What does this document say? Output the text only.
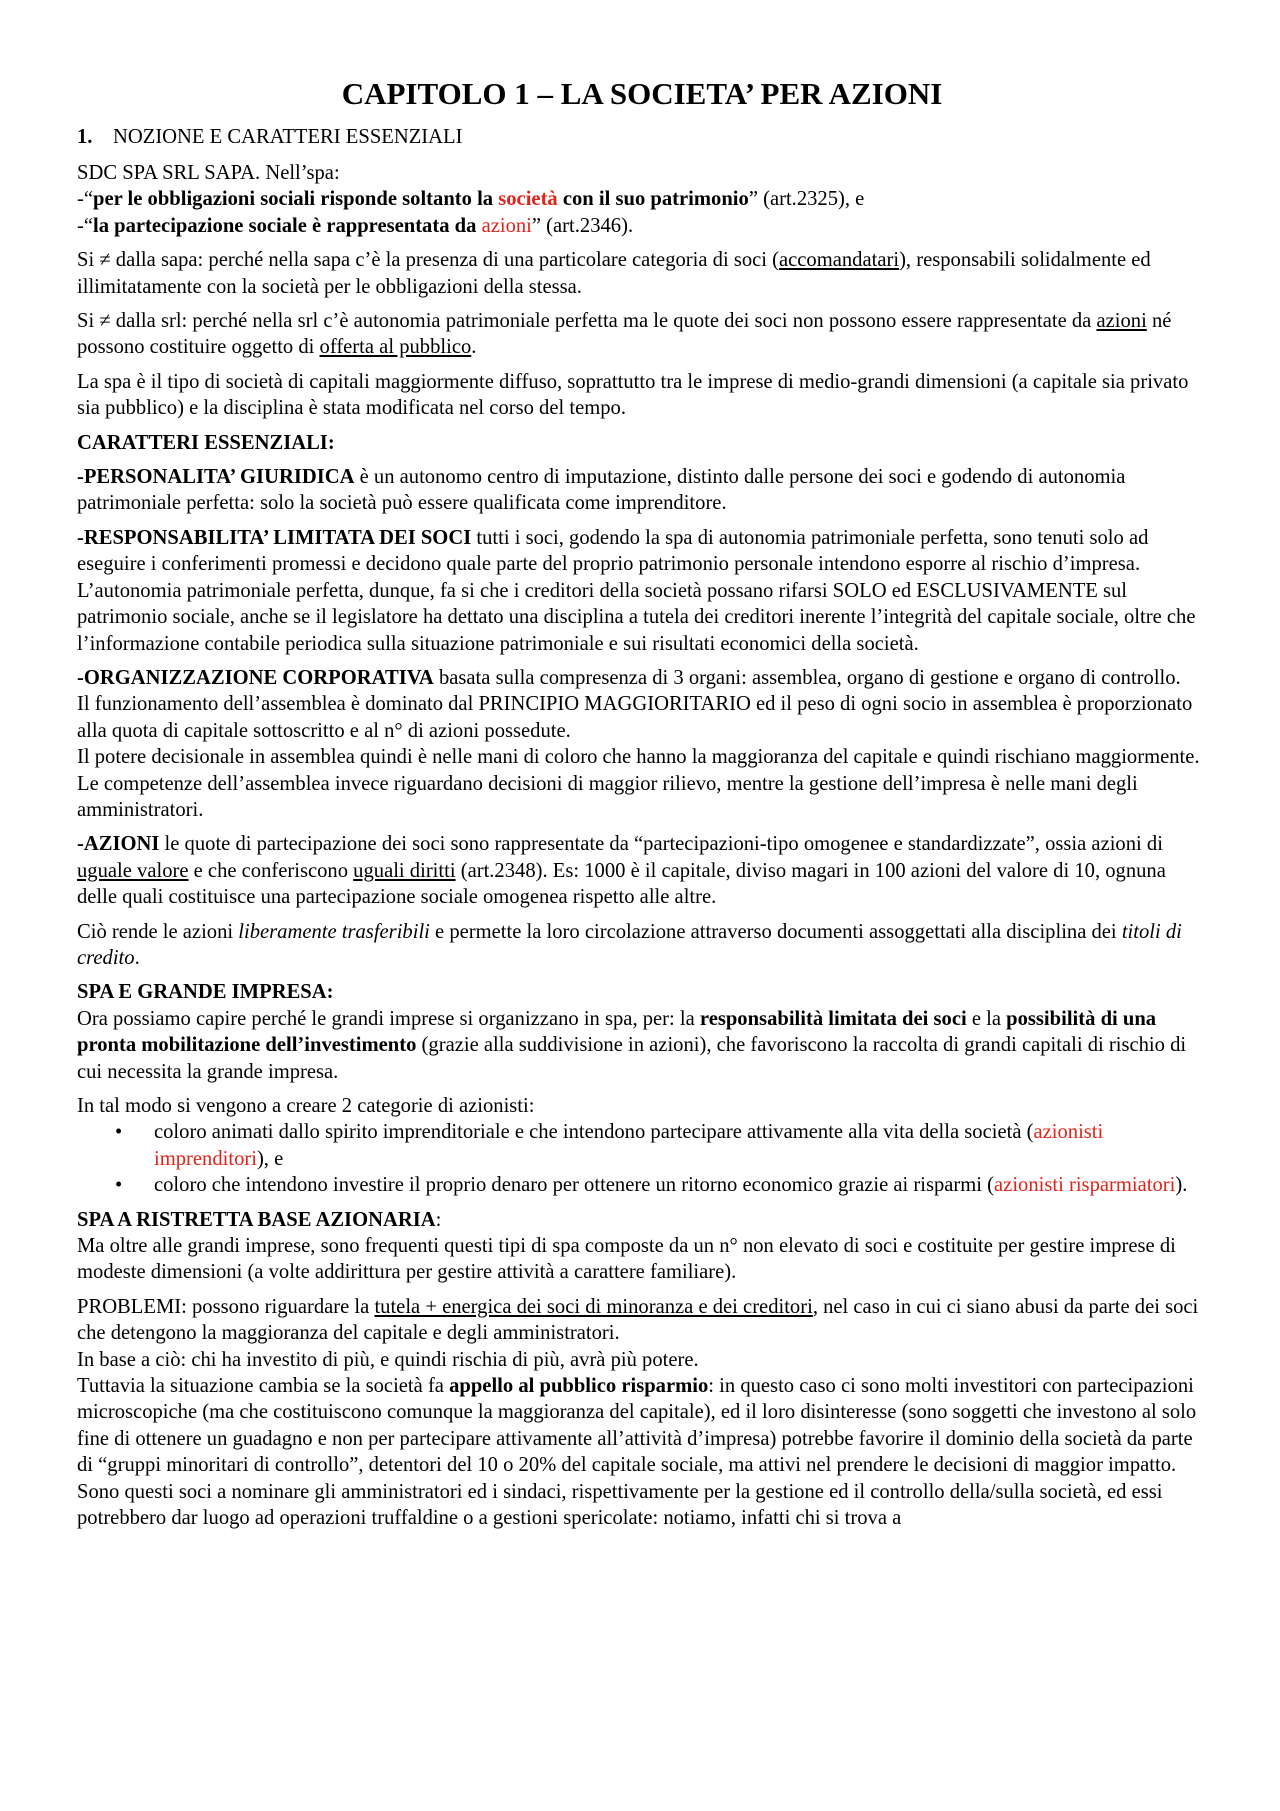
CAPITOLO 1 – LA SOCIETA’ PER AZIONI
1. NOZIONE E CARATTERI ESSENZIALI

SDC SPA SRL SAPA. Nell’spa:
-“per le obbligazioni sociali risponde soltanto la società con il suo patrimonio” (art.2325), e
-“la partecipazione sociale è rappresentata da azioni” (art.2346).

Si ≠ dalla sapa: perché nella sapa c’è la presenza di una particolare categoria di soci (accomandatari), responsabili solidalmente ed illimitatamente con la società per le obbligazioni della stessa.

Si ≠ dalla srl: perché nella srl c’è autonomia patrimoniale perfetta ma le quote dei soci non possono essere rappresentate da azioni né possono costituire oggetto di offerta al pubblico.

La spa è il tipo di società di capitali maggiormente diffuso, soprattutto tra le imprese di medio-grandi dimensioni (a capitale sia privato sia pubblico) e la disciplina è stata modificata nel corso del tempo.

CARATTERI ESSENZIALI:

-PERSONALITA’ GIURIDICA è un autonomo centro di imputazione, distinto dalle persone dei soci e godendo di autonomia patrimoniale perfetta: solo la società può essere qualificata come imprenditore.

-RESPONSABILITA’ LIMITATA DEI SOCI tutti i soci, godendo la spa di autonomia patrimoniale perfetta, sono tenuti solo ad eseguire i conferimenti promessi e decidono quale parte del proprio patrimonio personale intendono esporre al rischio d’impresa.
L’autonomia patrimoniale perfetta, dunque, fa si che i creditori della società possano rifarsi SOLO ed ESCLUSIVAMENTE sul patrimonio sociale, anche se il legislatore ha dettato una disciplina a tutela dei creditori inerente l’integrità del capitale sociale, oltre che l’informazione contabile periodica sulla situazione patrimoniale e sui risultati economici della società.

-ORGANIZZAZIONE CORPORATIVA basata sulla compresenza di 3 organi: assemblea, organo di gestione e organo di controllo.
Il funzionamento dell’assemblea è dominato dal PRINCIPIO MAGGIORITARIO ed il peso di ogni socio in assemblea è proporzionato alla quota di capitale sottoscritto e al n° di azioni possedute.
Il potere decisionale in assemblea quindi è nelle mani di coloro che hanno la maggioranza del capitale e quindi rischiano maggiormente.
Le competenze dell’assemblea invece riguardano decisioni di maggior rilievo, mentre la gestione dell’impresa è nelle mani degli amministratori.

-AZIONI le quote di partecipazione dei soci sono rappresentate da “partecipazioni-tipo omogenee e standardizzate”, ossia azioni di uguale valore e che conferiscono uguali diritti (art.2348). Es: 1000 è il capitale, diviso magari in 100 azioni del valore di 10, ognuna delle quali costituisce una partecipazione sociale omogenea rispetto alle altre.

Ciò rende le azioni liberamente trasferibili e permette la loro circolazione attraverso documenti assoggettati alla disciplina dei titoli di credito.

SPA E GRANDE IMPRESA:

Ora possiamo capire perché le grandi imprese si organizzano in spa, per: la responsabilità limitata dei soci e la possibilità di una pronta mobilitazione dell’investimento (grazie alla suddivisione in azioni), che favoriscono la raccolta di grandi capitali di rischio di cui necessita la grande impresa.

In tal modo si vengono a creare 2 categorie di azionisti:

• coloro animati dallo spirito imprenditoriale e che intendono partecipare attivamente alla vita della società (azionisti imprenditori), e
• coloro che intendono investire il proprio denaro per ottenere un ritorno economico grazie ai risparmi (azionisti risparmiatori).
SPA A RISTRETTA BASE AZIONARIA:

Ma oltre alle grandi imprese, sono frequenti questi tipi di spa composte da un n° non elevato di soci e costituite per gestire imprese di modeste dimensioni (a volte addirittura per gestire attività a carattere familiare).

PROBLEMI: possono riguardare la tutela + energica dei soci di minoranza e dei creditori, nel caso in cui ci siano abusi da parte dei soci che detengono la maggioranza del capitale e degli amministratori.
In base a ciò: chi ha investito di più, e quindi rischia di più, avrà più potere.
Tuttavia la situazione cambia se la società fa appello al pubblico risparmio: in questo caso ci sono molti investitori con partecipazioni microscopiche (ma che costituiscono comunque la maggioranza del capitale), ed il loro disinteresse (sono soggetti che investono al solo fine di ottenere un guadagno e non per partecipare attivamente all’attività d’impresa) potrebbe favorire il dominio della società da parte di “gruppi minoritari di controllo”, detentori del 10 o 20% del capitale sociale, ma attivi nel prendere le decisioni di maggior impatto.
Sono questi soci a nominare gli amministratori ed i sindaci, rispettivamente per la gestione ed il controllo della/sulla società, ed essi potrebbero dar luogo ad operazioni truffaldine o a gestioni spericolate: notiamo, infatti chi si trova a
